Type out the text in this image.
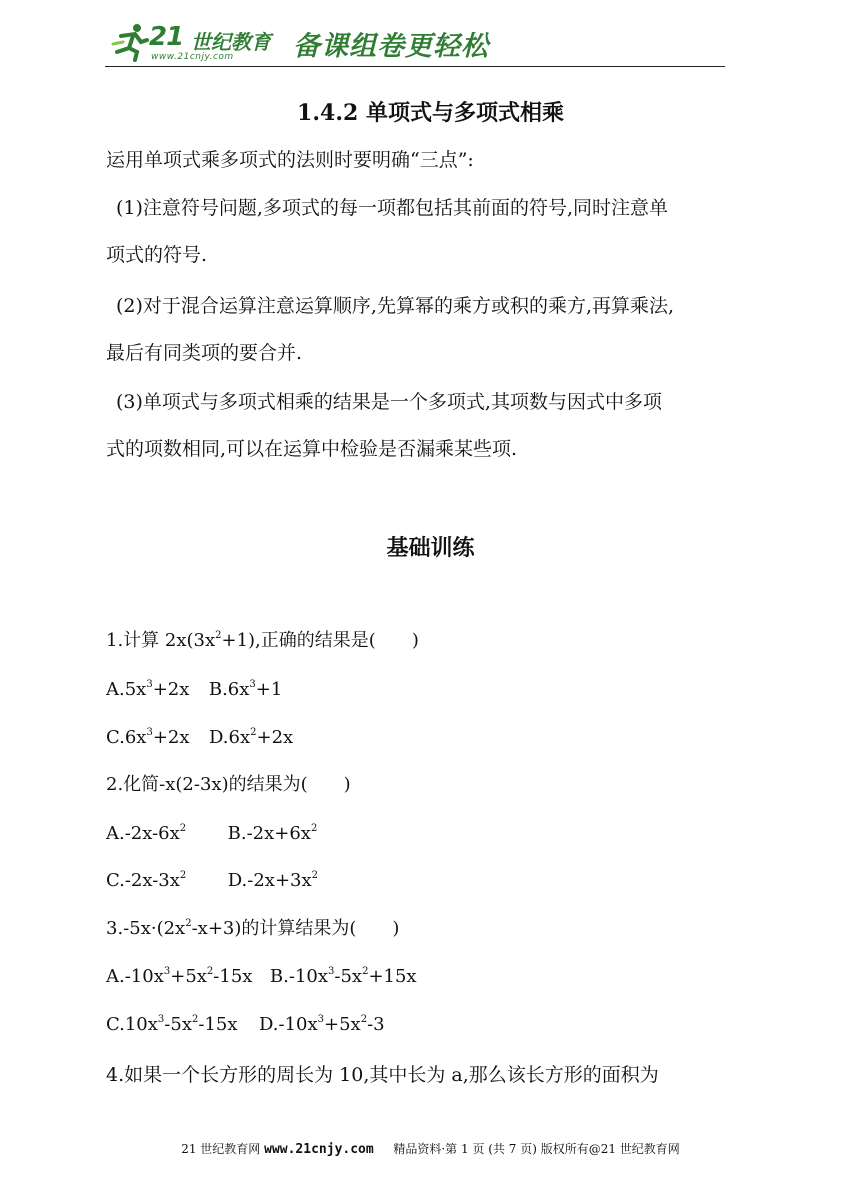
21 世纪教育
www.21cnjy.com 备课组卷更轻松
1.4.2 单项式与多项式相乘
运用单项式乘多项式的法则时要明确“三点”:
(1)注意符号问题,多项式的每一项都包括其前面的符号,同时注意单
项式的符号.
(2)对于混合运算注意运算顺序,先算幂的乘方或积的乘方,再算乘法,
最后有同类项的要合并.
(3)单项式与多项式相乘的结果是一个多项式,其项数与因式中多项
式的项数相同,可以在运算中检验是否漏乘某些项.
基础训练
1.计算 $2x(3x^2+1)$,正确的结果是( )
$A.5x^3+2x$ $B.6x^3+1$
$C.6x^3+2x$ $D.6x^2+2x$
2.化简-x(2-3x)的结果为( )
$A.-2x-6x^2$ $B.-2x+6x^2$
$C.-2x-3x^2$ $D.-2x+3x^2$
$3.-5x\cdot(2x^2-x+3)$的计算结果为( )
$A.-10x^3+5x^2-15x$ $B.-10x^3-5x^2+15x$
$C.10x^3-5x^2-15x$ $D.-10x^3+5x^2-3$
4.如果一个长方形的周长为 10,其中长为 a,那么该长方形的面积为
21 世纪教育网 www.21cnjy.com 精品资料·第 1 页 (共 7 页) 版权所有@21 世纪教育网
